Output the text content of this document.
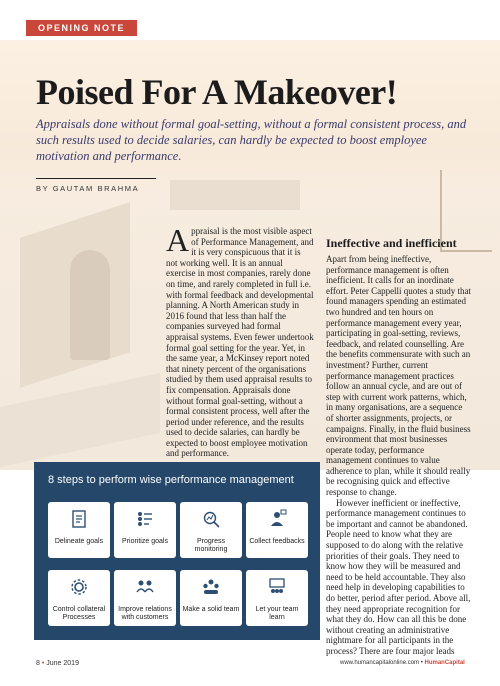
OPENING NOTE
Poised For A Makeover!

Appraisals done without formal goal-setting, without a formal consistent process, and such results used to decide salaries, can hardly be expected to boost employee motivation and performance.

BY GAUTAM BRAHMA
A ppraisal is the most visible aspect of Performance Management, and it is very conspicuous that it is not working well. It is an annual exercise in most companies, rarely done on time, and rarely completed in full i.e. with formal feedback and developmental planning. A North American study in 2016 found that less than half the companies surveyed had formal appraisal systems. Even fewer undertook formal goal setting for the year. Yet, in the same year, a McKinsey report noted that ninety percent of the organisations studied by them used appraisal results to fix compensation. Appraisals done without formal goal-setting, without a formal consistent process, well after the period under reference, and the results used to decide salaries, can hardly be expected to boost employee motivation and performance.
Ineffective and inefficient

Apart from being ineffective, performance management is often inefficient. It calls for an inordinate effort. Peter Cappelli quotes a study that found managers spending an estimated two hundred and ten hours on performance management every year, participating in goal-setting, reviews, feedback, and related counselling. Are the benefits commensurate with such an investment? Further, current performance management practices follow an annual cycle, and are out of step with current work patterns, which, in many organisations, are a sequence of shorter assignments, projects, or campaigns. Finally, in the fluid business environment that most businesses operate today, performance management continues to value adherence to plan, while it should really be recognising quick and effective response to change.

However inefficient or ineffective, performance management continues to be important and cannot be abandoned. People need to know what they are supposed to do along with the relative priorities of their goals. They need to know how they will be measured and need to be held accountable. They also need help in developing capabilities to do better, period after period. Above all, they need appropriate recognition for what they do. How can all this be done without creating an administrative nightmare for all participants in the process? There are four major leads

8 steps to perform wise performance management
Delineate goals	Prioritize goals	Progress monitoring
Collect feedbacks
Control collateral Processes
Improve relations with customers
Make a solid team	Let your team learn
8 • June 2019	www.humancapitalonline.com • HumanCapital
